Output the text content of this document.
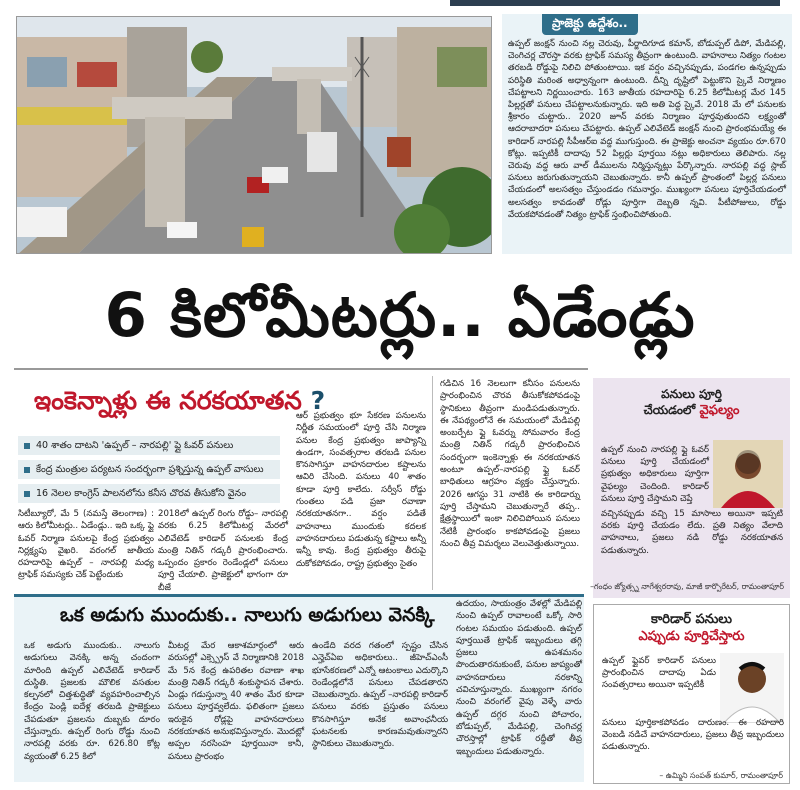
ప్రాజెక్టు ఉద్దేశం..
ఉప్పల్ జంక్షన్ నుంచి నల్ల చెరువు, పీర్జాదిగూడ కమాన్, బోడుప్పల్ డిపో, మేడిపల్లి, చెంగిచర్ల చౌరస్తా వరకు ట్రాఫిక్ సమస్య తీవ్రంగా ఉంటుంది. వాహనాలు నిత్యం గంటల తరబడి రోడ్డుపై నిలిచి పోతుంటాయి. ఇక వర్షం వచ్చినప్పుడు, పండగల ఉన్నప్పుడు పరిస్థితి మరింత అధ్వాన్నంగా ఉంటుంది. దీన్ని దృష్టిలో పెట్టుకొని స్కైవే నిర్మాణం చేపట్టాలని నిర్ణయించారు. 163 జాతీయ రహదారిపై 6.25 కిలోమీటర్ల మేర 145 పిల్లర్లతో పనులు చేపట్టాలనుకున్నారు. ఇది అతి పెద్ద స్కైవే. 2018 మే లో పనులకు శ్రీకారం చుట్టారు.. 2020 జూన్ వరకు నిర్మాణం పూర్తవుతుందని లక్ష్యంతో ఆదరాబాదరా పనులు చేపట్టారు. ఉప్పల్ ఎలివేటెడ్ జంక్షన్ నుంచి ప్రారంభమయ్యే ఈ కారిడార్ నారపల్లి సీపీఆర్ఐ వద్ద ముగుస్తుంది. ఈ ప్రాజెక్టు అంచనా వ్యయం రూ.670 కోట్లు. ఇప్పటికీ దాదాపు 52 పిల్లర్లు పూర్తయి నట్లు అధికారులు తెలిపారు. నల్ల చెరువు వద్ద ఆరు వాల్ డీములను నిర్మిస్తున్నట్లు పేర్కొన్నారు. నారపల్లి వద్ద స్లాబ్ పనులు జరుగుతున్నాయని చెబుతున్నారు. కానీ ఉప్పల్ ప్రాంతంలో పిల్లర్ల పనులు చేయడంలో అలసత్వం చేస్తుండడం గమనార్హం. ముఖ్యంగా పనులు పూర్తిచేయడంలో అలసత్వం కావడంతో రోడ్లు పూర్తిగా దెబ్బతి న్నవి. పీటీపోజులు, రోడ్డు వేయకపోవడంతో నిత్యం ట్రాఫిక్ స్తంభించిపోతుంది.
6 కిలోమీటర్లు.. ఏడేండ్లు
ఇంకెన్నాళ్లు ఈ నరకయాతన ?
40 శాతం దాటని 'ఉప్పల్ – నారపల్లి' ప్లై ఓవర్ పనులు
కేంద్ర మంత్రుల పర్యటన సందర్భంగా ప్రశ్నిస్తున్న ఉప్పల్ వాసులు
16 నెలల కాంగ్రెస్ పాలనలోను కనీస చొరవ తీసుకోని వైనం
సిటీబ్యూరో, మే 5 (నమస్తే తెలంగాణ) : ఆరు కిలోమీటర్లు.. ఏడేండ్లు.. ఇది ఒక్క ఫ్లై ఓవర్ నిర్మాణ పనులపై కేంద్ర ప్రభుత్వం నిర్లక్ష్యపు వైఖరి. వరంగల్ జాతీయ రహదారిపై ఉప్పల్ – నారపల్లి మధ్య ట్రాఫిక్ సమస్యకు చెక్ పెట్టేందుకు
2018లో ఉప్పల్ రింగు రోడ్డు– నారపల్లి వరకు 6.25 కిలోమీటర్ల మేరలో ఎలివేటెడ్ కారిడార్ పనులకు కేంద్ర మంత్రి నితిన్ గడ్కరీ ప్రారంభించారు. ఒప్పందం ప్రకారం రెండేండ్లలో పనులు పూర్తి చేయాలి. ప్రాజెక్టులో భాగంగా రూ బీజే
ఆర్ ప్రభుత్వం భూ సేకరణ పనులను నిర్ణీత సమయంలో పూర్తి చేసి నిర్మాణ పనుల కేంద్ర ప్రభుత్వం జాప్యాన్ని ఉండగా, సంవత్సరాల తరబడి పనుల కొనసాగిస్తూ వాహనదారుల కష్టాలను ఆవిరి చేసింది. పనులు 40 శాతం కూడా పూర్తి కాలేదు. సర్వీస్ రోడ్డు గుంతలు పడి ప్రజా రవాణా నరకయాతనగా.. వర్షం పడితే వాహనాలు ముందుకు కదలక వాహనదారులు పడుతున్న కష్టాలు అన్నీ ఇన్నీ కావు. కేంద్ర ప్రభుత్వం తీరుపై దుకోకపోవడం, రాష్ట్ర ప్రభుత్వం సైతం
గడిచిన 16 నెలలుగా కనీసం పనులను ప్రారంభించిన చొరవ తీసుకోకపోవడంపై స్థానికులు తీవ్రంగా మండిపడుతున్నారు. ఈ నేపథ్యంలోనే ఈ సమయంలో మేడిపల్లి అంబర్పేట ఫ్లై ఓవర్ను సోమవారం కేంద్ర మంత్రి నితిన్ గడ్కరీ ప్రారంభించిన సందర్భంగా ఇంకెన్నాళ్లు ఈ నరకయాతన అంటూ ఉప్పల్–నారపల్లి ఫ్లై ఓవర్ బాధితులు ఆగ్రహం వ్యక్తం చేస్తున్నారు. 2026 ఆగస్టు 31 నాటికి ఈ కారిడార్ను పూర్తి చేస్తామని చెబుతున్నారే తప్ప.. క్షేత్రస్థాయిలో ఇంకా నిలిచిపోయిన పనులు నేటికీ ప్రారంభం కాకపోవడంపై ప్రజలు నుంచి తీవ్ర విమర్శలు వెలువెత్తుతున్నాయి.
ఒక అడుగు ముందుకు.. నాలుగు అడుగులు వెనక్కి
ఒక అడుగు ముందుకు.. నాలుగు అడుగులు వెనక్కి అన్న చందంగా మారింది ఉప్పల్ ఎలివేటెడ్ కారిడార్ దుస్థితి. ప్రజలకు మౌలిక వసతుల కల్పనలో చిత్తశుద్ధితో వ్యవహరించాల్సిన కేంద్రం పెండ్లి ఐదేళ్ల తరబడి ప్రాజెక్టులు చేపడుతూ ప్రజలను దుబ్బకు దూరం చేస్తున్నారు. ఉప్పల్ రింగు రోడ్డు నుంచి నారపల్లి వరకు రూ. 626.80 కోట్ల వ్యయంతో 6.25 కిలో
మీటర్ల మేర ఆకాశమార్గంలో ఆరు వరుసల్లో ఎక్స్ప్రెస్ వే నిర్మాణానికి 2018 మే 5న కేంద్ర ఉపరితల రవాణా శాఖ మంత్రి నితిన్ గడ్కరీ శంకుస్థాపన చేశారు. ఏండ్లు గడుస్తున్నా 40 శాతం మేర కూడా పనులు పూర్తవ్వలేదు. ఫలితంగా ప్రజలు ఇరుకైన రోడ్లపై వాహనదారులు నరకయాతన అనుభవిస్తున్నారు. మొదట్లో అప్పల నరసింహ పూర్తయినా కానీ, పనులు ప్రారంభం
ఉండేది వరద గతంలో స్పష్టం చేసిన ఎన్హెచ్ఏఐ అధికారులు.. జీహెచ్ఎంసీ భూసేకరణలో ఎన్నో ఆటంకాలు ఎదుర్కొని రెండేండ్లలోనే పనులు చేపడతారని చెబుతున్నారు. ఉప్పల్ –నారపల్లి కారిడార్ పనులు వరకు ప్రస్తుతం పనులు కొనసాగిస్తూ అనేక అవాంఛనీయ ఘటనలకు కారణమవుతున్నారని స్థానికులు చెబుతున్నారు.
ఉదయం, సాయంత్రం వేళల్లో మేడిపల్లి నుంచి ఉప్పల్ రావాలంటే ఒక్కో సారి గంటల సమయం పడుతుంది. ఉప్పల్ పూర్తయితే ట్రాఫిక్ ఇబ్బందులు తగ్గి ప్రజలు ఉపశమనం పొందుతారనుకుంటే, పనుల జాప్యంతో వాహనదారులు నరకాన్ని చవిచూస్తున్నారు. ముఖ్యంగా నగరం నుంచి వరంగల్ వైపు వెళ్ళే వారు ఉప్పల్ దగ్గర నుంచి పోచారం, బోడుప్పల్, మేడిపల్లి, చెంగిచర్ల చౌరస్తాల్లో ట్రాఫిక్ రద్దీతో తీవ్ర ఇబ్బందులు పడుతున్నారు.
పనులు పూర్తి
చేయడంలో వైఫల్యం
ఉప్పల్ నుంచి నారపల్లి ఫ్లై ఓవర్ పనులు పూర్తి చేయడంలో ప్రభుత్వం అధికారులు పూర్తిగా వైఫల్యం చెందింది. కారిడార్ పనులు పూర్తి చేస్తామని చెప్తే
వచ్చినప్పుడు వచ్చి 15 మాసాలు అయినా ఇప్పటి వరకు పూర్తి చేయడం లేదు. ప్రతి నిత్యం వేలాది వాహనాలు, ప్రజలు నడి రోడ్డు నరకయాతన పడుతున్నారు.
–గంధం జ్యోత్స్న నాగేశ్వరరావు, మాజీ కార్పొరేటర్, రామంతాపూర్
కారిడార్ పనులు
ఎప్పుడు పూర్తిచేస్తారు
ఉప్పల్ ఫ్లైవర్ కారిడార్ పనులు ప్రారంభించిన దాదాపు ఏడు సంవత్సరాలు అయినా ఇప్పటికీ
పనులు పూర్తికాకపోవడం దారుణం. ఈ రహదారి వెంబడి నడిచే వాహనదారులు, ప్రజలు తీవ్ర ఇబ్బందులు పడుతున్నారు.
– ఉమ్మిని సంపత్ కుమార్, రామంతాపూర్
